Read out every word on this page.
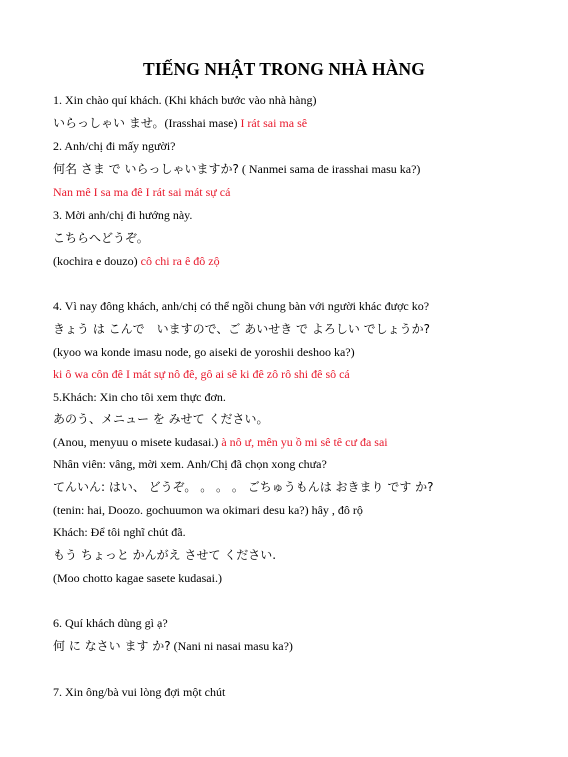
TIẾNG NHẬT TRONG NHÀ HÀNG
1. Xin chào quí khách. (Khi khách bước vào nhà hàng)
いらっしゃい ませ。(Irasshai mase) I rát sai ma sê
2. Anh/chị đi mấy người?
何名 さま で いらっしゃいますか? ( Nanmei sama de irasshai masu ka?)
Nan mê I sa ma đê I rát sai mát sự cá
3. Mời anh/chị đi hướng này.
こちらへどうぞ。
(kochira e douzo) cô chi ra ê đô zộ
4. Vì nay đông khách, anh/chị có thể ngồi chung bàn với người khác được ko?
きょう は こんで　いますので、ご あいせき で よろしい でしょうか?
(kyoo wa konde imasu node, go aiseki de yoroshii deshoo ka?)
ki ô wa côn đê I mát sự nô đê, gô ai sê ki đê zô rô shi đê sô cá
5.Khách: Xin cho tôi xem thực đơn.
あのう、メニュー を みせて ください。
(Anou, menyuu o misete kudasai.) à nô ư, mên yu ồ mi sê tê cư đa sai
Nhân viên: vâng, mời xem. Anh/Chị đã chọn xong chưa?
てんいん: はい、 どうぞ。 。 。 。 ごちゅうもんは おきまり です か?
(tenin: hai, Doozo. gochuumon wa okimari desu ka?) hây , đô rộ
Khách: Để tôi nghĩ chút đã.
もう ちょっと かんがえ させて ください.
(Moo chotto kagae sasete kudasai.)
6. Quí khách dùng gì ạ?
何 に なさい ます か? (Nani ni nasai masu ka?)
7. Xin ông/bà vui lòng đợi một chút
